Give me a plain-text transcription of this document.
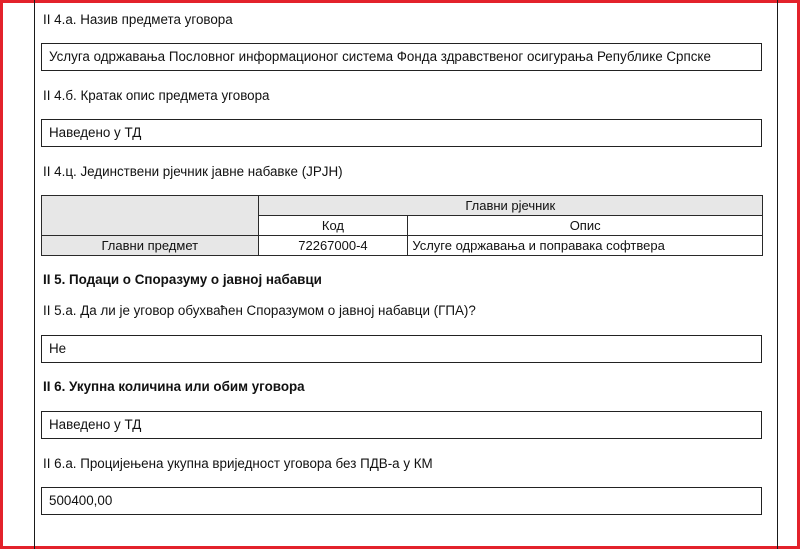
II 4.а. Назив предмета уговора
Услуга одржавања Пословног информационог система Фонда здравственог осигурања Републике Српске
II 4.б. Кратак опис предмета уговора
Наведено у ТД
II 4.ц. Јединствени рјечник јавне набавке (ЈРЈН)
	Главни рјечник	
	Код	Опис
Главни предмет	72267000-4	Услуге одржавања и поправака софтвера
II 5. Подаци о Споразуму о јавној набавци
II 5.а. Да ли је уговор обухваћен Споразумом о јавној набавци (ГПА)?
Не
II 6. Укупна количина или обим уговора
Наведено у ТД
II 6.а. Процијењена укупна вриједност уговора без ПДВ-а у КМ
500400,00
